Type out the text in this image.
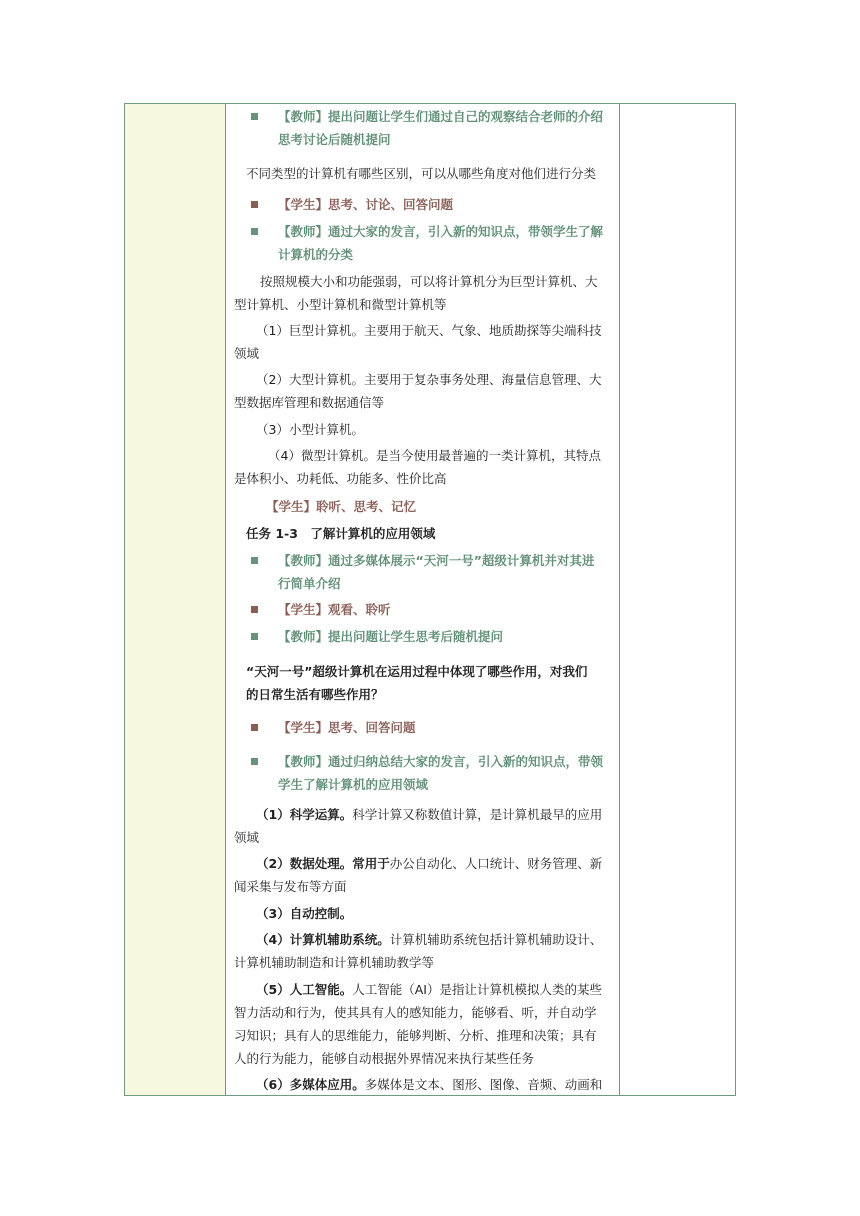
【教师】提出问题让学生们通过自己的观察结合老师的介绍
思考讨论后随机提问
不同类型的计算机有哪些区别，可以从哪些角度对他们进行分类
【学生】思考、讨论、回答问题
【教师】通过大家的发言，引入新的知识点，带领学生了解
计算机的分类
按照规模大小和功能强弱，可以将计算机分为巨型计算机、大
型计算机、小型计算机和微型计算机等
（1）巨型计算机。主要用于航天、气象、地质勘探等尖端科技
领域
（2）大型计算机。主要用于复杂事务处理、海量信息管理、大
型数据库管理和数据通信等
（3）小型计算机。
（4）微型计算机。是当今使用最普遍的一类计算机，其特点
是体积小、功耗低、功能多、性价比高
【学生】聆听、思考、记忆
任务 1-3　了解计算机的应用领域
【教师】通过多媒体展示“天河一号”超级计算机并对其进
行简单介绍
【学生】观看、聆听
【教师】提出问题让学生思考后随机提问
“天河一号”超级计算机在运用过程中体现了哪些作用，对我们
的日常生活有哪些作用？
【学生】思考、回答问题
【教师】通过归纳总结大家的发言，引入新的知识点，带领
学生了解计算机的应用领域
（1）科学运算。科学计算又称数值计算，是计算机最早的应用
领域
（2）数据处理。常用于办公自动化、人口统计、财务管理、新
闻采集与发布等方面
（3）自动控制。
（4）计算机辅助系统。计算机辅助系统包括计算机辅助设计、
计算机辅助制造和计算机辅助教学等
（5）人工智能。人工智能（AI）是指让计算机模拟人类的某些
智力活动和行为，使其具有人的感知能力，能够看、听，并自动学
习知识；具有人的思维能力，能够判断、分析、推理和决策；具有
人的行为能力，能够自动根据外界情况来执行某些任务
（6）多媒体应用。多媒体是文本、图形、图像、音频、动画和
